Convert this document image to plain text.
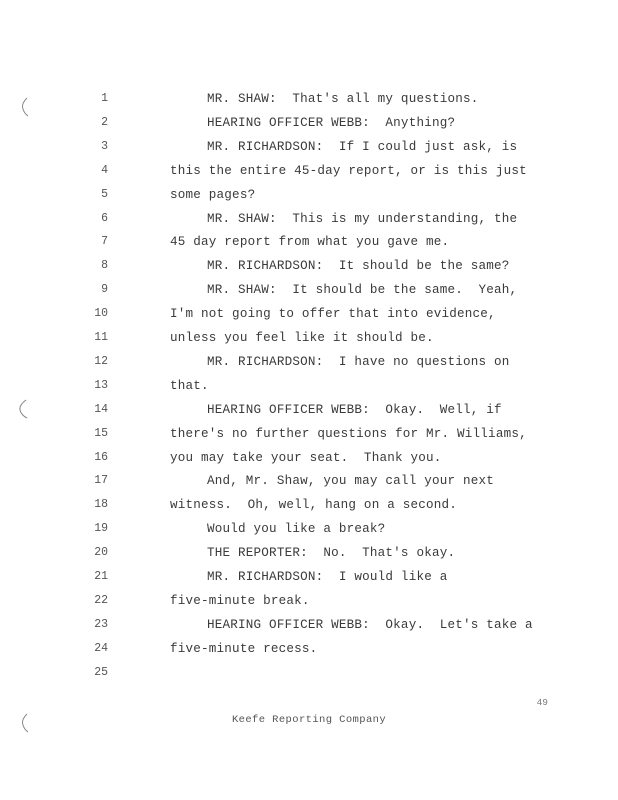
1	MR. SHAW:  That's all my questions.
2	HEARING OFFICER WEBB:  Anything?
3	MR. RICHARDSON:  If I could just ask, is
4	this the entire 45-day report, or is this just
5	some pages?
6	MR. SHAW:  This is my understanding, the
7	45 day report from what you gave me.
8	MR. RICHARDSON:  It should be the same?
9	MR. SHAW:  It should be the same.  Yeah,
10	I'm not going to offer that into evidence,
11	unless you feel like it should be.
12	MR. RICHARDSON:  I have no questions on
13	that.
14	HEARING OFFICER WEBB:  Okay.  Well, if
15	there's no further questions for Mr. Williams,
16	you may take your seat.  Thank you.
17	And, Mr. Shaw, you may call your next
18	witness.  Oh, well, hang on a second.
19	Would you like a break?
20	THE REPORTER:  No.  That's okay.
21	MR. RICHARDSON:  I would like a
22	five-minute break.
23	HEARING OFFICER WEBB:  Okay.  Let's take a
24	five-minute recess.
25
49
Keefe Reporting Company
